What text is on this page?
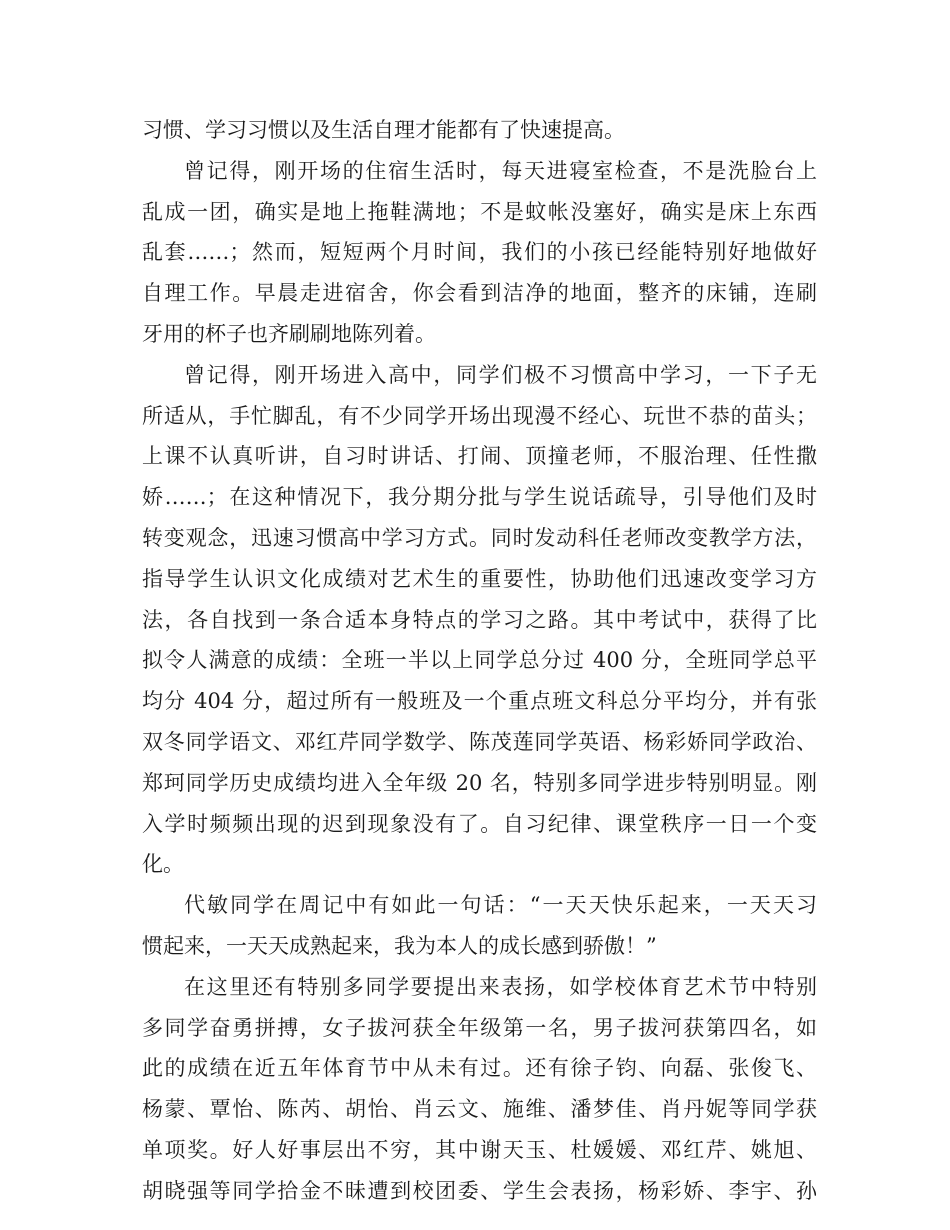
习惯、学习习惯以及生活自理才能都有了快速提高。
曾记得，刚开场的住宿生活时，每天进寝室检查，不是洗脸台上
乱成一团，确实是地上拖鞋满地；不是蚊帐没塞好，确实是床上东西
乱套……；然而，短短两个月时间，我们的小孩已经能特别好地做好
自理工作。早晨走进宿舍，你会看到洁净的地面，整齐的床铺，连刷
牙用的杯子也齐刷刷地陈列着。
曾记得，刚开场进入高中，同学们极不习惯高中学习，一下子无
所适从，手忙脚乱，有不少同学开场出现漫不经心、玩世不恭的苗头；
上课不认真听讲，自习时讲话、打闹、顶撞老师，不服治理、任性撒
娇……；在这种情况下，我分期分批与学生说话疏导，引导他们及时
转变观念，迅速习惯高中学习方式。同时发动科任老师改变教学方法，
指导学生认识文化成绩对艺术生的重要性，协助他们迅速改变学习方
法，各自找到一条合适本身特点的学习之路。其中考试中，获得了比
拟令人满意的成绩：全班一半以上同学总分过 400 分，全班同学总平
均分 404 分，超过所有一般班及一个重点班文科总分平均分，并有张
双冬同学语文、邓红芹同学数学、陈茂莲同学英语、杨彩娇同学政治、
郑珂同学历史成绩均进入全年级 20 名，特别多同学进步特别明显。刚
入学时频频出现的迟到现象没有了。自习纪律、课堂秩序一日一个变
化。
代敏同学在周记中有如此一句话：“一天天快乐起来，一天天习
惯起来，一天天成熟起来，我为本人的成长感到骄傲！”
在这里还有特别多同学要提出来表扬，如学校体育艺术节中特别
多同学奋勇拼搏，女子拔河获全年级第一名，男子拔河获第四名，如
此的成绩在近五年体育节中从未有过。还有徐子钧、向磊、张俊飞、
杨蒙、覃怡、陈芮、胡怡、肖云文、施维、潘梦佳、肖丹妮等同学获
单项奖。好人好事层出不穷，其中谢天玉、杜媛媛、邓红芹、姚旭、
胡晓强等同学拾金不昧遭到校团委、学生会表扬，杨彩娇、李宇、孙
